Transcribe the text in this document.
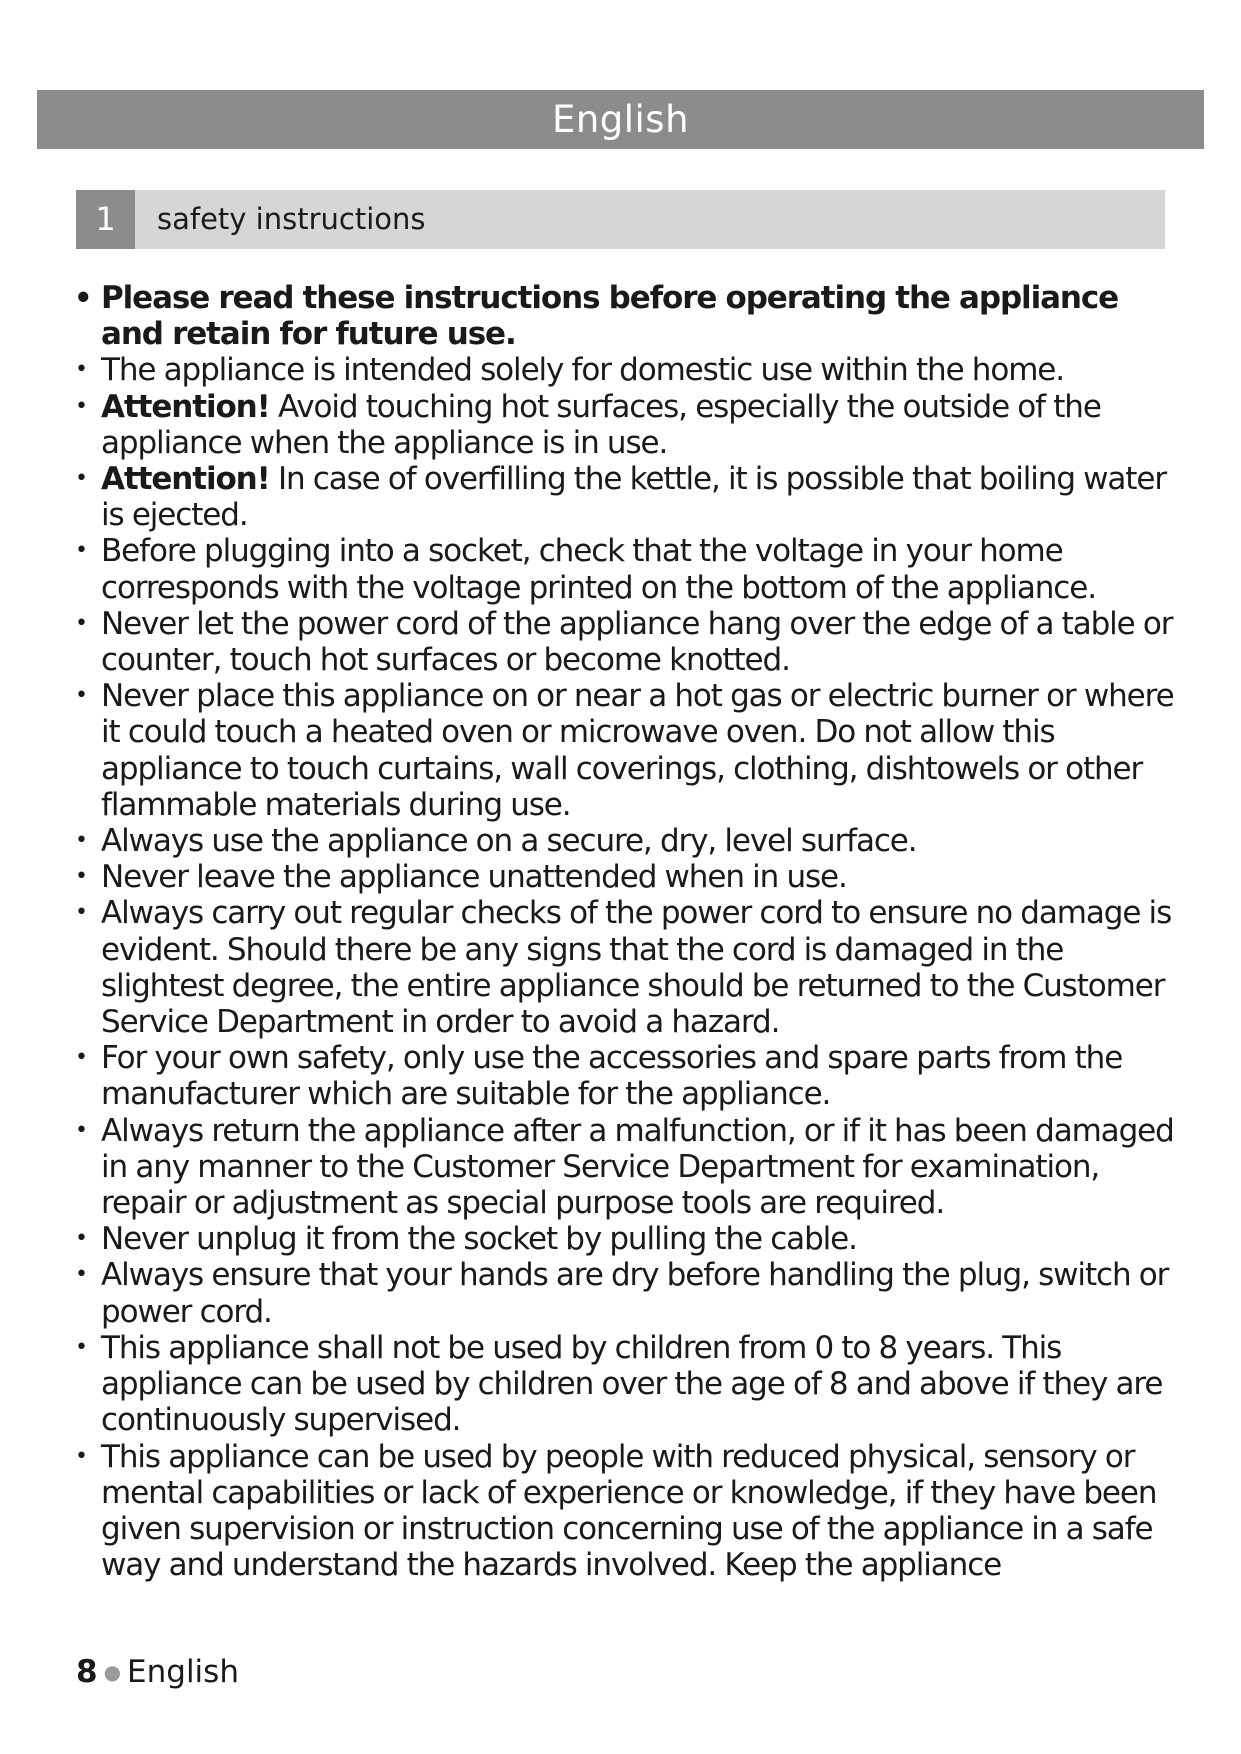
English
1	safety instructions
• Please read these instructions before operating the appliance and retain for future use.
• The appliance is intended solely for domestic use within the home.
• Attention! Avoid touching hot surfaces, especially the outside of the appliance when the appliance is in use.
• Attention! In case of overfilling the kettle, it is possible that boiling water is ejected.
• Before plugging into a socket, check that the voltage in your home corresponds with the voltage printed on the bottom of the appliance.
• Never let the power cord of the appliance hang over the edge of a table or counter, touch hot surfaces or become knotted.
• Never place this appliance on or near a hot gas or electric burner or where it could touch a heated oven or microwave oven. Do not allow this appliance to touch curtains, wall coverings, clothing, dishtowels or other flammable materials during use.
• Always use the appliance on a secure, dry, level surface.
• Never leave the appliance unattended when in use.
• Always carry out regular checks of the power cord to ensure no damage is evident. Should there be any signs that the cord is damaged in the slightest degree, the entire appliance should be returned to the Customer Service Department in order to avoid a hazard.
• For your own safety, only use the accessories and spare parts from the manufacturer which are suitable for the appliance.
• Always return the appliance after a malfunction, or if it has been damaged in any manner to the Customer Service Department for examination, repair or adjustment as special purpose tools are required.
• Never unplug it from the socket by pulling the cable.
• Always ensure that your hands are dry before handling the plug, switch or power cord.
• This appliance shall not be used by children from 0 to 8 years. This appliance can be used by children over the age of 8 and above if they are continuously supervised.
• This appliance can be used by people with reduced physical, sensory or mental capabilities or lack of experience or knowledge, if they have been given supervision or instruction concerning use of the appliance in a safe way and understand the hazards involved. Keep the appliance
8 ● English
